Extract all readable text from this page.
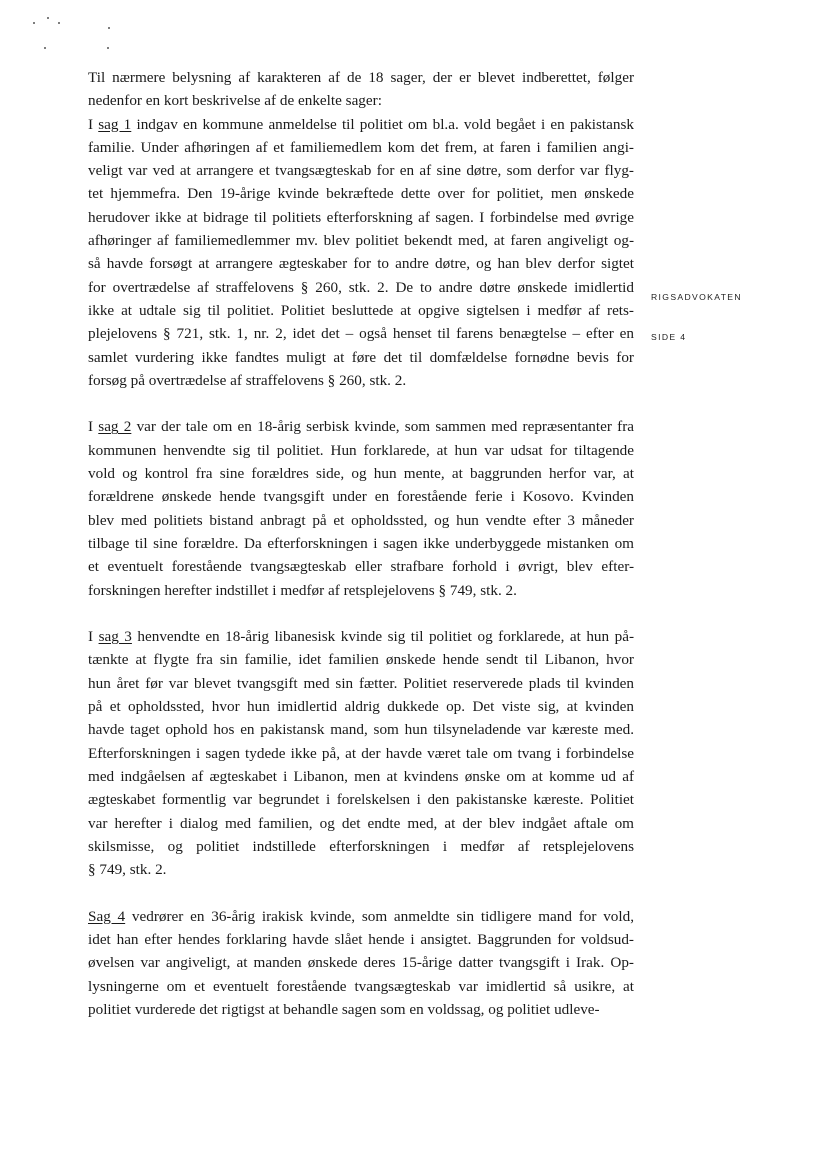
RIGSADVOKATEN
SIDE 4

Til nærmere belysning af karakteren af de 18 sager, der er blevet indberettet, følger
nedenfor en kort beskrivelse af de enkelte sager:

I sag 1 indgav en kommune anmeldelse til politiet om bl.a. vold begået i en pakistansk
familie. Under afhøringen af et familiemedlem kom det frem, at faren i familien angi-
veligt var ved at arrangere et tvangsægteskab for en af sine døtre, som derfor var flyg-
tet hjemmefra. Den 19-årige kvinde bekræftede dette over for politiet, men ønskede
herudover ikke at bidrage til politiets efterforskning af sagen. I forbindelse med øvrige
afhøringer af familiemedlemmer mv. blev politiet bekendt med, at faren angiveligt og-
så havde forsøgt at arrangere ægteskaber for to andre døtre, og han blev derfor sigtet
for overtrædelse af straffelovens § 260, stk. 2. De to andre døtre ønskede imidlertid
ikke at udtale sig til politiet. Politiet besluttede at opgive sigtelsen i medfør af rets-
plejelovens § 721, stk. 1, nr. 2, idet det – også henset til farens benægtelse – efter en
samlet vurdering ikke fandtes muligt at føre det til domfældelse fornødne bevis for
forsøg på overtrædelse af straffelovens § 260, stk. 2.

I sag 2 var der tale om en 18-årig serbisk kvinde, som sammen med repræsentanter fra
kommunen henvendte sig til politiet. Hun forklarede, at hun var udsat for tiltagende
vold og kontrol fra sine forældres side, og hun mente, at baggrunden herfor var, at
forældrene ønskede hende tvangsgift under en forestående ferie i Kosovo. Kvinden
blev med politiets bistand anbragt på et opholdssted, og hun vendte efter 3 måneder
tilbage til sine forældre. Da efterforskningen i sagen ikke underbyggede mistanken om
et eventuelt forestående tvangsægteskab eller strafbare forhold i øvrigt, blev efter-
forskningen herefter indstillet i medfør af retsplejelovens § 749, stk. 2.

I sag 3 henvendte en 18-årig libanesisk kvinde sig til politiet og forklarede, at hun på-
tænkte at flygte fra sin familie, idet familien ønskede hende sendt til Libanon, hvor
hun året før var blevet tvangsgift med sin fætter. Politiet reserverede plads til kvinden
på et opholdssted, hvor hun imidlertid aldrig dukkede op. Det viste sig, at kvinden
havde taget ophold hos en pakistansk mand, som hun tilsyneladende var kæreste med.
Efterforskningen i sagen tydede ikke på, at der havde været tale om tvang i forbindelse
med indgåelsen af ægteskabet i Libanon, men at kvindens ønske om at komme ud af
ægteskabet formentlig var begrundet i forelskelsen i den pakistanske kæreste. Politiet
var herefter i dialog med familien, og det endte med, at der blev indgået aftale om
skilsmisse, og politiet indstillede efterforskningen i medfør af retsplejelovens
§ 749, stk. 2.

Sag 4 vedrører en 36-årig irakisk kvinde, som anmeldte sin tidligere mand for vold,
idet han efter hendes forklaring havde slået hende i ansigtet. Baggrunden for voldsud-
øvelsen var angiveligt, at manden ønskede deres 15-årige datter tvangsgift i Irak. Op-
lysningerne om et eventuelt forestående tvangsægteskab var imidlertid så usikre, at
politiet vurderede det rigtigst at behandle sagen som en voldssag, og politiet udleve-
